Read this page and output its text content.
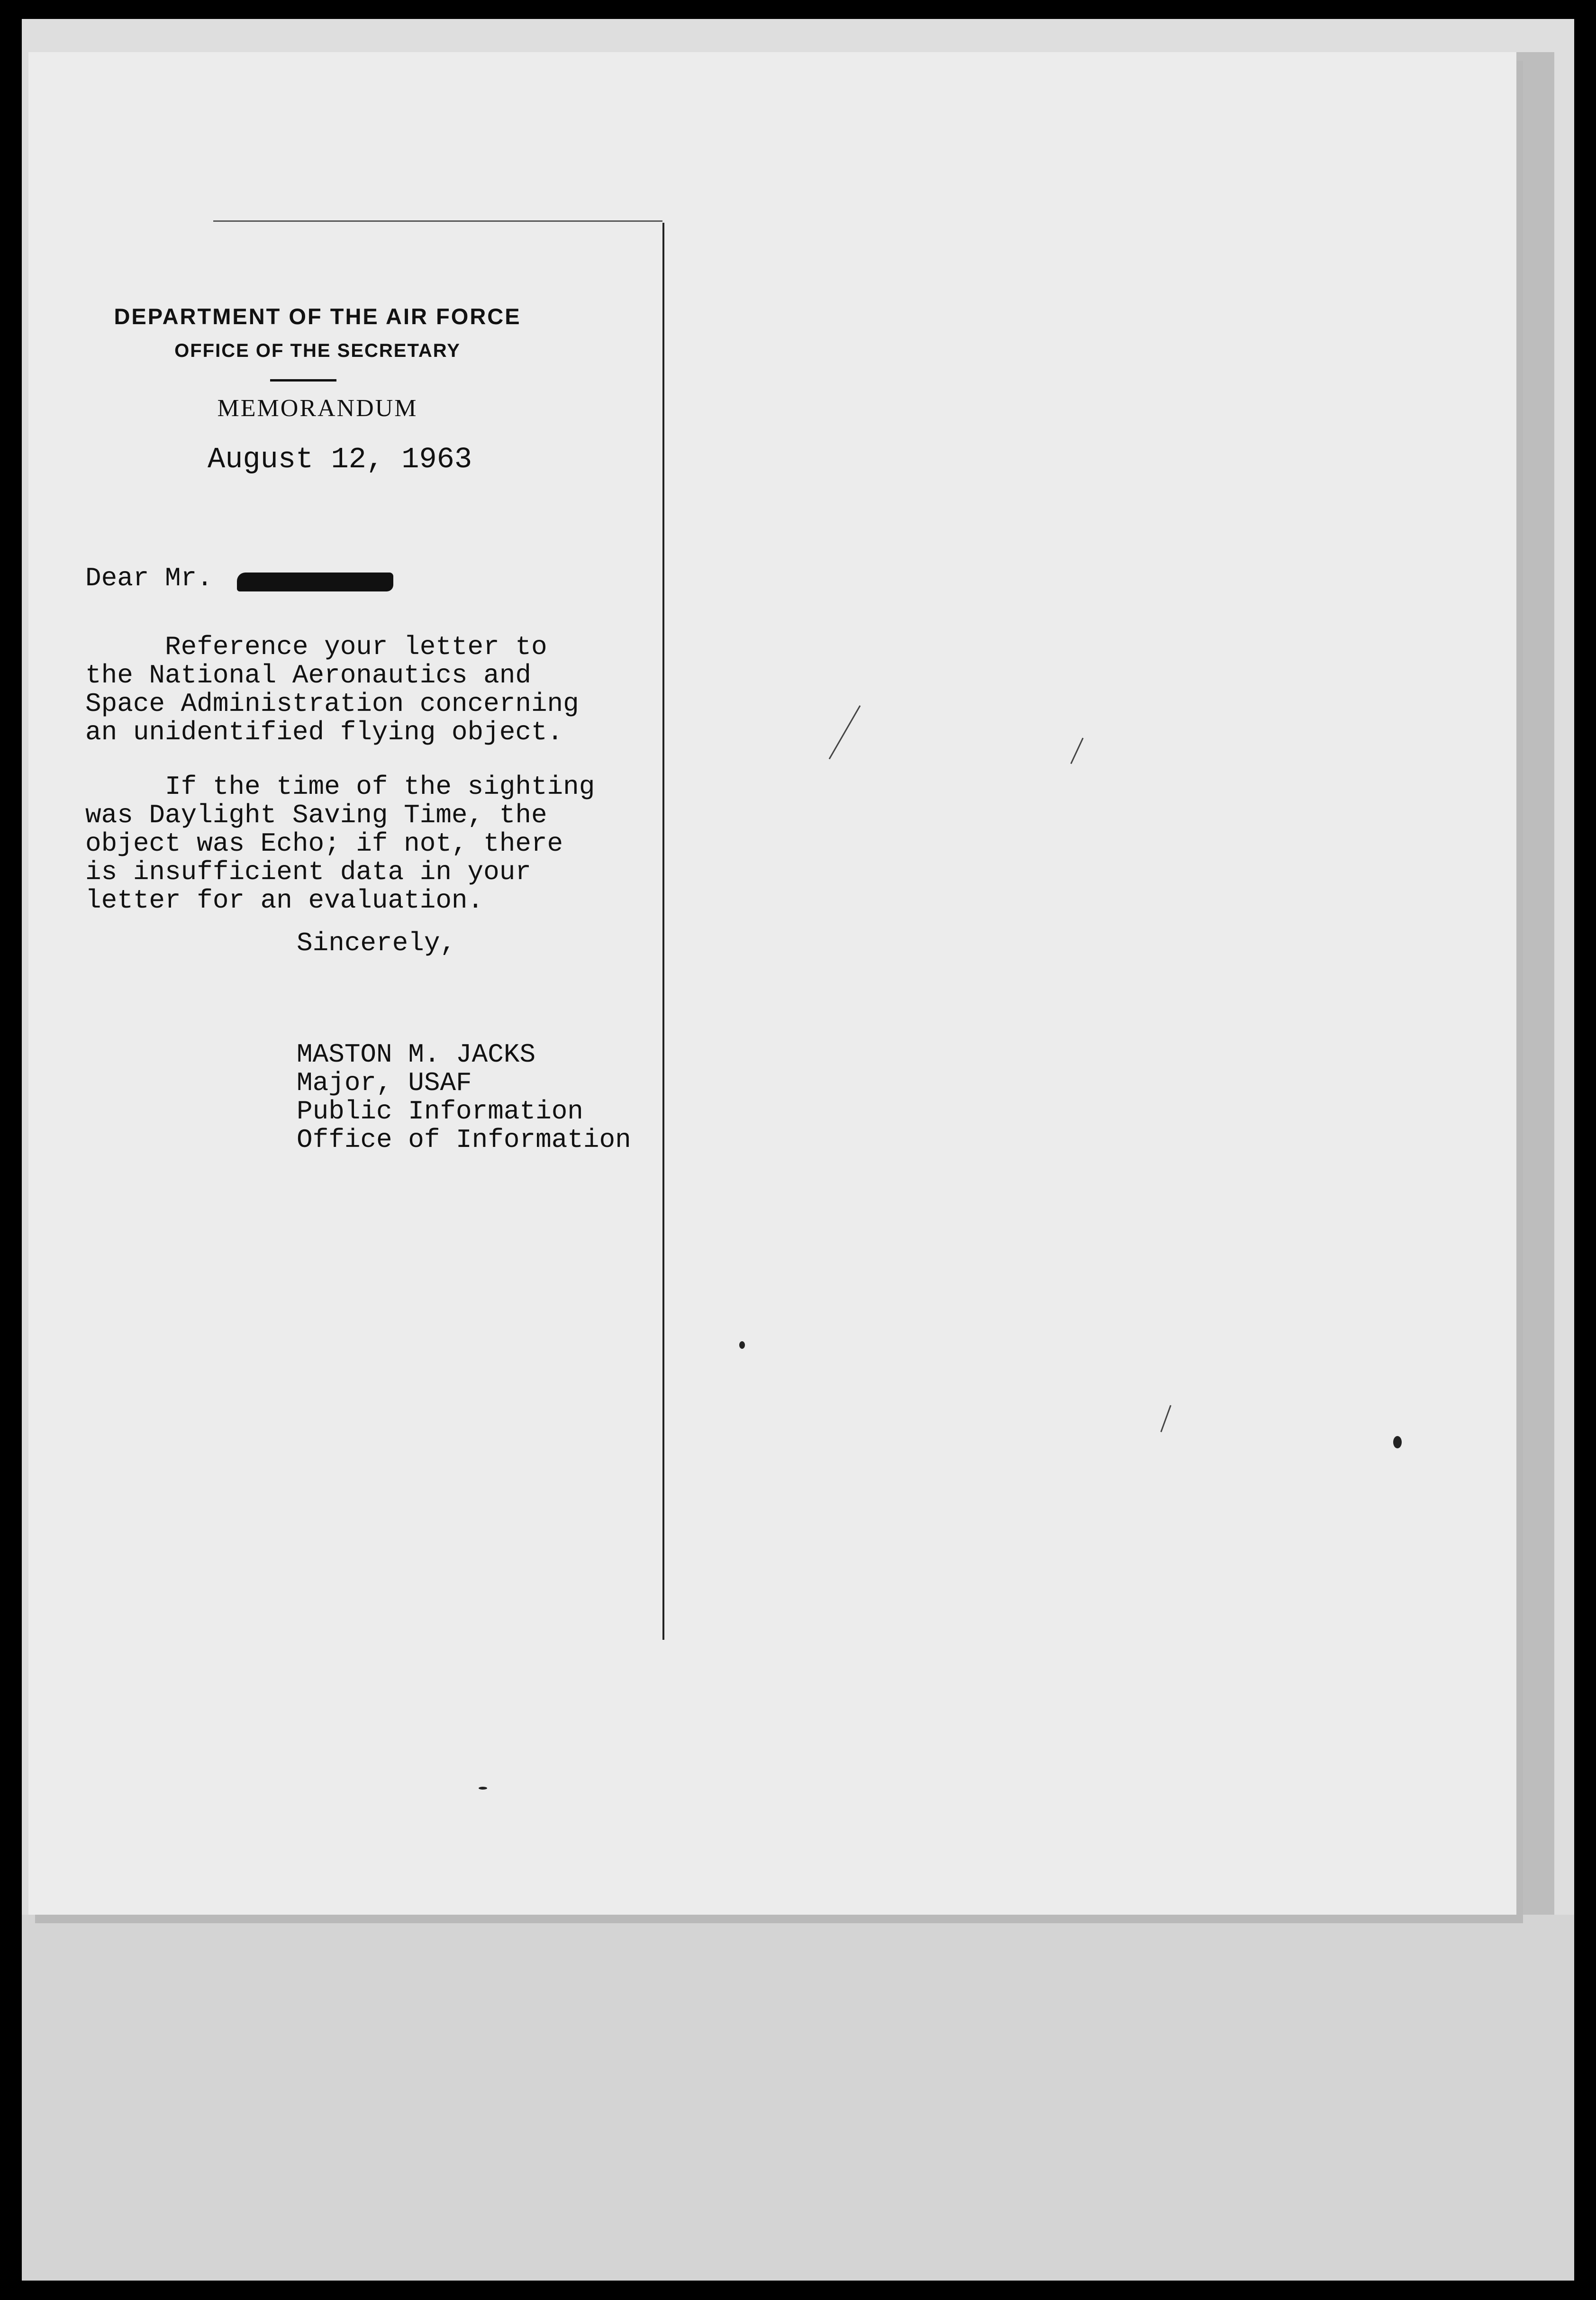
DEPARTMENT OF THE AIR FORCE
OFFICE OF THE SECRETARY
MEMORANDUM
August 12, 1963
Dear Mr.
Reference your letter to
the National Aeronautics and
Space Administration concerning
an unidentified flying object.
If the time of the sighting
was Daylight Saving Time, the
object was Echo; if not, there
is insufficient data in your
letter for an evaluation.
Sincerely,
MASTON M. JACKS
Major, USAF
Public Information
Office of Information
